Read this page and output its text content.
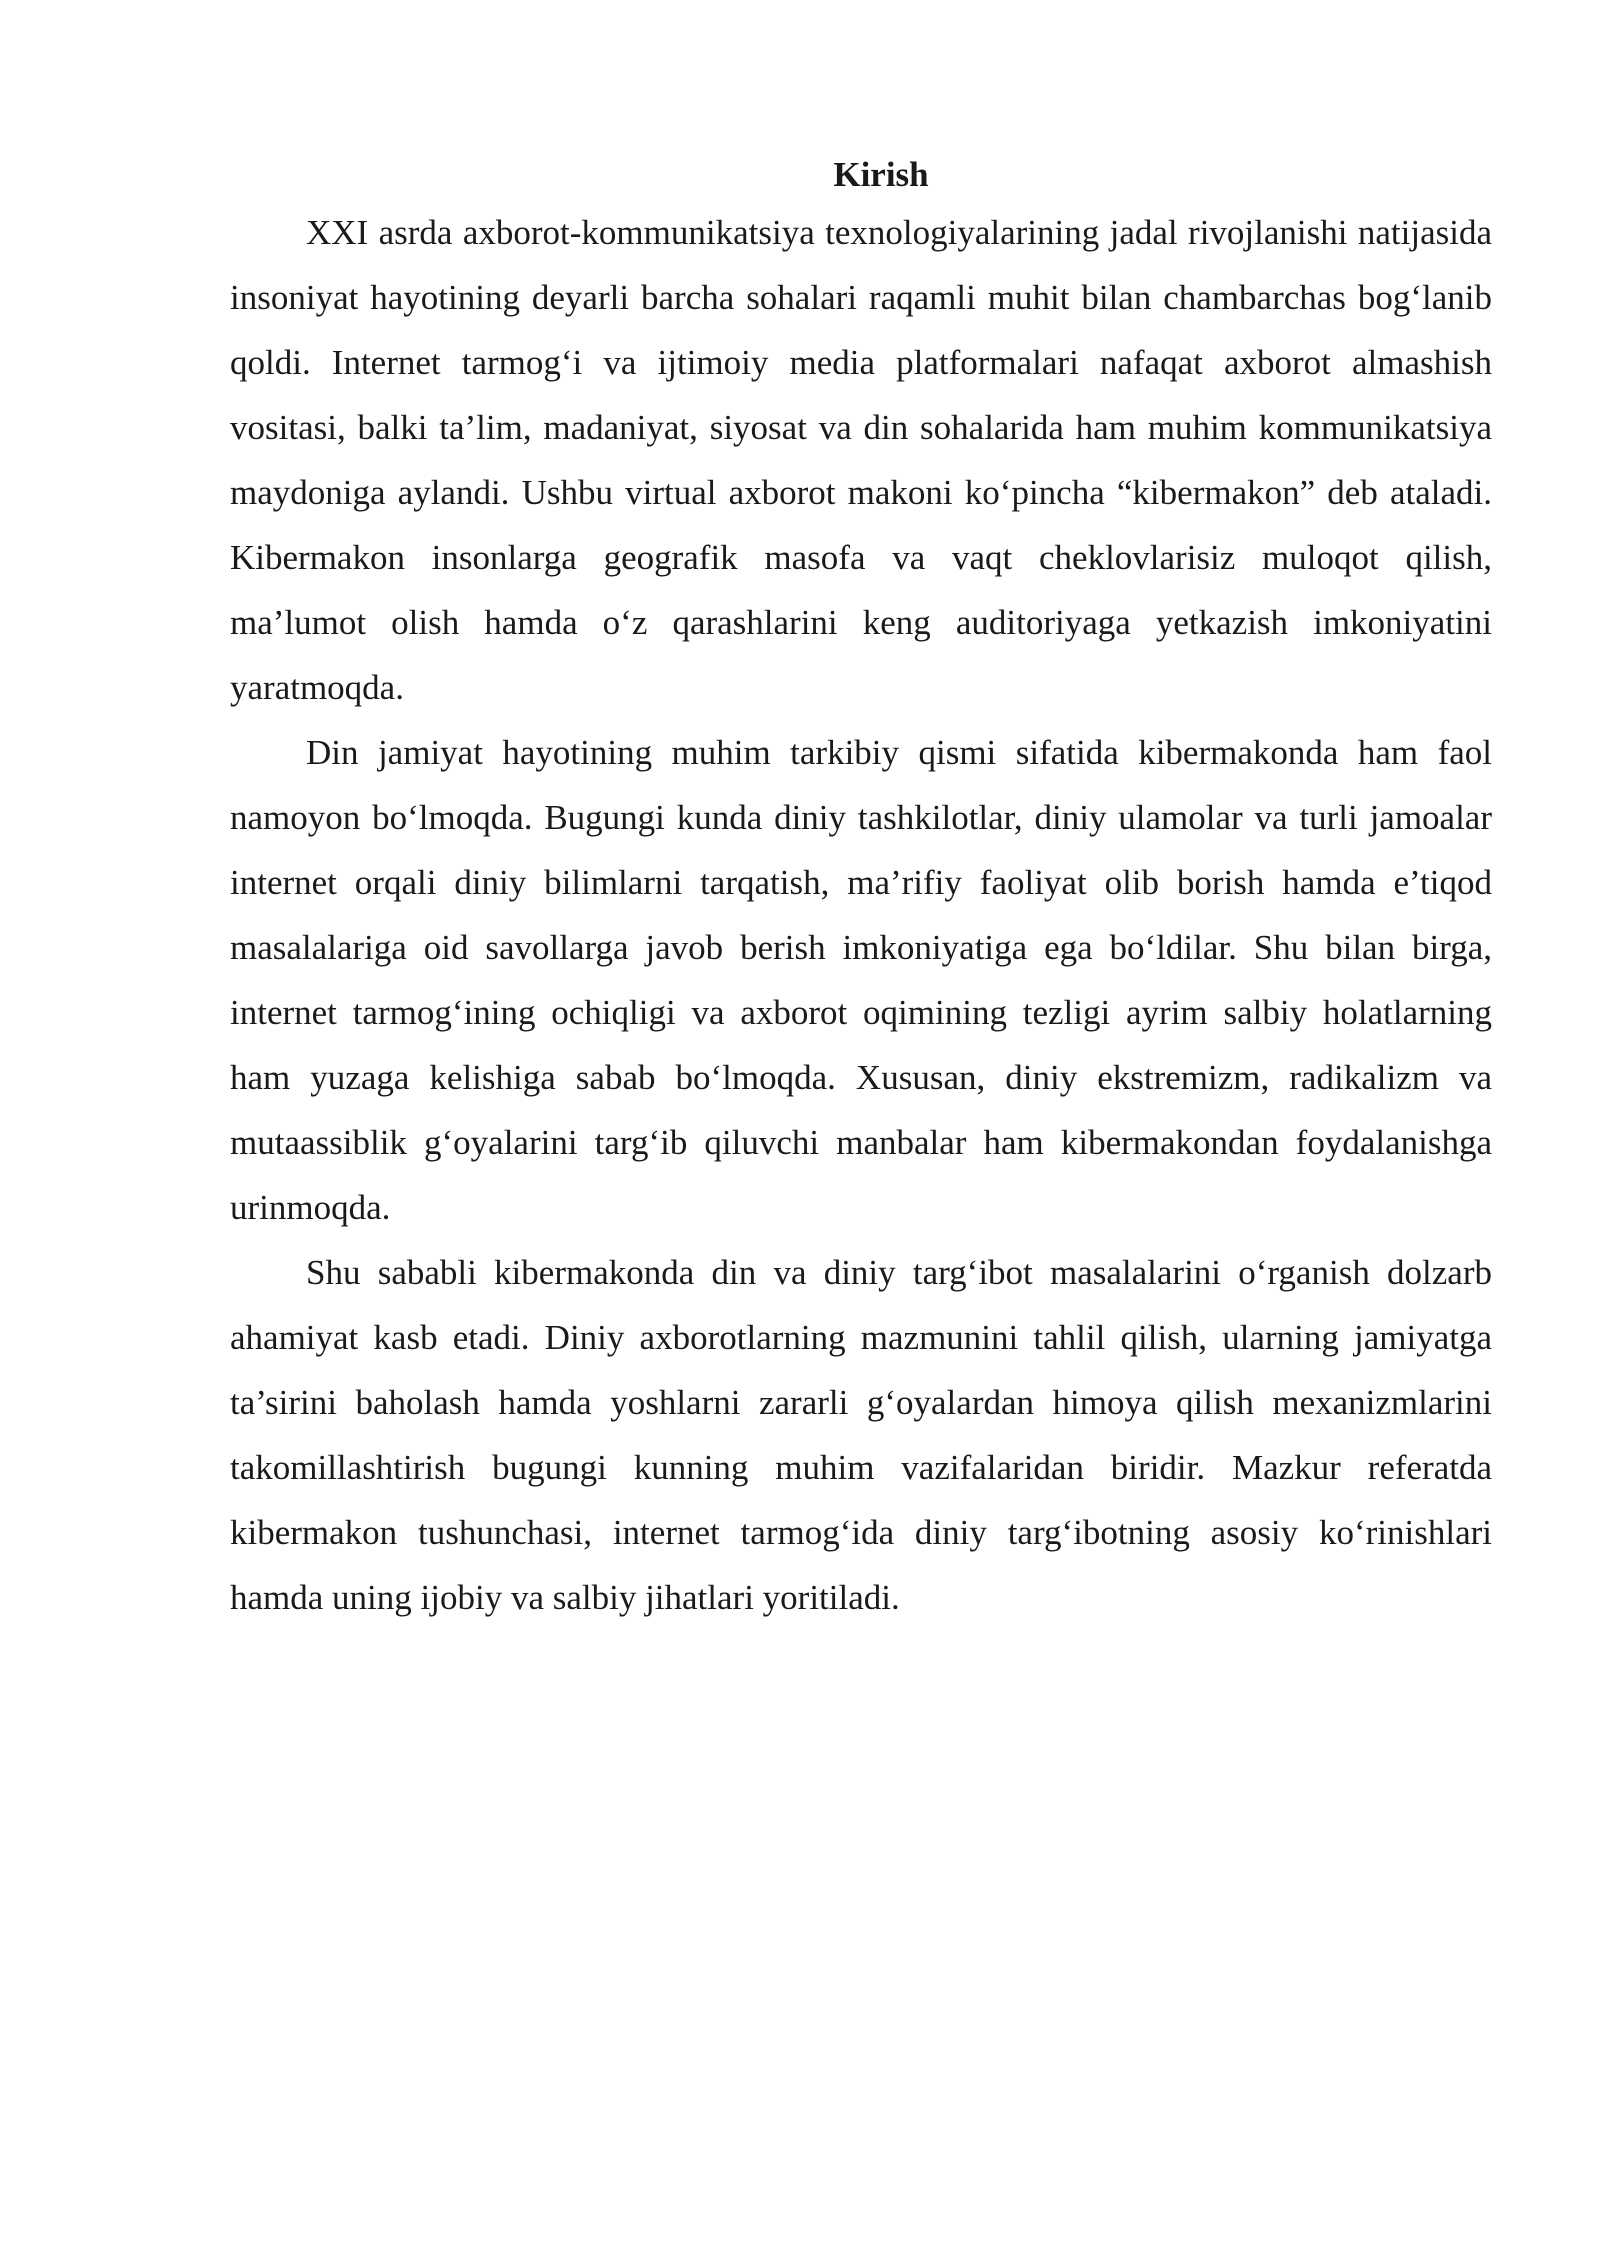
Kirish

XXI asrda axborot-kommunikatsiya texnologiyalarining jadal rivojlanishi natijasida insoniyat hayotining deyarli barcha sohalari raqamli muhit bilan chambarchas bog‘lanib qoldi. Internet tarmog‘i va ijtimoiy media platformalari nafaqat axborot almashish vositasi, balki ta’lim, madaniyat, siyosat va din sohalarida ham muhim kommunikatsiya maydoniga aylandi. Ushbu virtual axborot makoni ko‘pincha “kibermakon” deb ataladi. Kibermakon insonlarga geografik masofa va vaqt cheklovlarisiz muloqot qilish, ma’lumot olish hamda o‘z qarashlarini keng auditoriyaga yetkazish imkoniyatini yaratmoqda.

Din jamiyat hayotining muhim tarkibiy qismi sifatida kibermakonda ham faol namoyon bo‘lmoqda. Bugungi kunda diniy tashkilotlar, diniy ulamolar va turli jamoalar internet orqali diniy bilimlarni tarqatish, ma’rifiy faoliyat olib borish hamda e’tiqod masalalariga oid savollarga javob berish imkoniyatiga ega bo‘ldilar. Shu bilan birga, internet tarmog‘ining ochiqligi va axborot oqimining tezligi ayrim salbiy holatlarning ham yuzaga kelishiga sabab bo‘lmoqda. Xususan, diniy ekstremizm, radikalizm va mutaassiblik g‘oyalarini targ‘ib qiluvchi manbalar ham kibermakondan foydalanishga urinmoqda.

Shu sababli kibermakonda din va diniy targ‘ibot masalalarini o‘rganish dolzarb ahamiyat kasb etadi. Diniy axborotlarning mazmunini tahlil qilish, ularning jamiyatga ta’sirini baholash hamda yoshlarni zararli g‘oyalardan himoya qilish mexanizmlarini takomillashtirish bugungi kunning muhim vazifalaridan biridir. Mazkur referatda kibermakon tushunchasi, internet tarmog‘ida diniy targ‘ibotning asosiy ko‘rinishlari hamda uning ijobiy va salbiy jihatlari yoritiladi.
